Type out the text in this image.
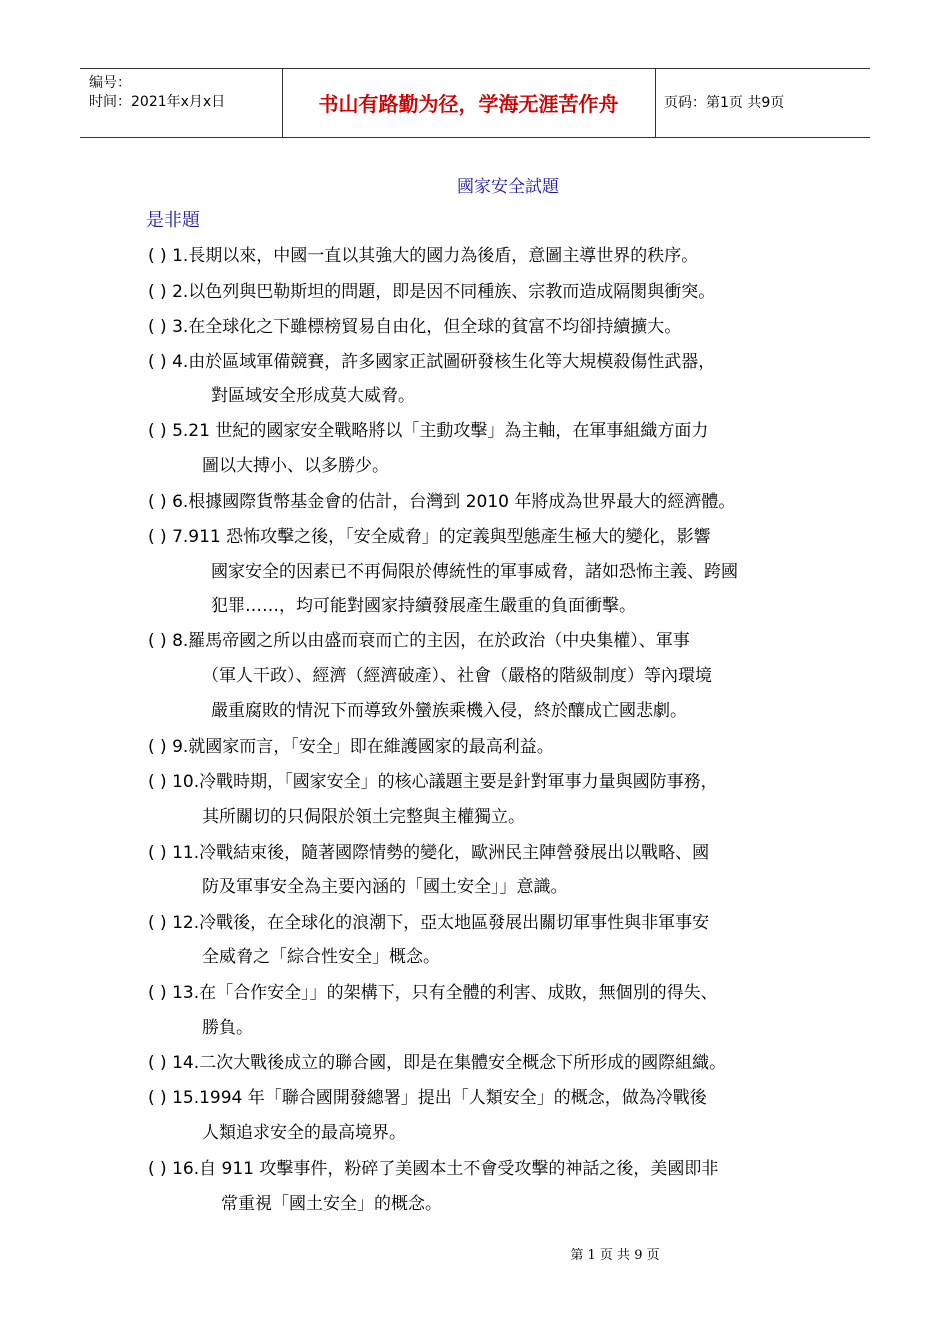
编号：
时间：2021年x月x日	书山有路勤为径，学海无涯苦作舟	页码：第1页 共9页
國家安全試題
是非題
( ) 1.長期以來，中國一直以其強大的國力為後盾，意圖主導世界的秩序。
( ) 2.以色列與巴勒斯坦的問題，即是因不同種族、宗教而造成隔閡與衝突。
( ) 3.在全球化之下雖標榜貿易自由化，但全球的貧富不均卻持續擴大。
( ) 4.由於區域軍備競賽，許多國家正試圖研發核生化等大規模殺傷性武器，
對區域安全形成莫大威脅。
( ) 5.21 世紀的國家安全戰略將以「主動攻擊」為主軸，在軍事組織方面力
圖以大搏小、以多勝少。
( ) 6.根據國際貨幣基金會的估計，台灣到 2010 年將成為世界最大的經濟體。
( ) 7.911 恐怖攻擊之後，「安全威脅」的定義與型態產生極大的變化，影響
國家安全的因素已不再侷限於傳統性的軍事威脅，諸如恐怖主義、跨國
犯罪……，均可能對國家持續發展產生嚴重的負面衝擊。
( ) 8.羅馬帝國之所以由盛而衰而亡的主因，在於政治（中央集權）、軍事
（軍人干政）、經濟（經濟破產）、社會（嚴格的階級制度）等內環境
嚴重腐敗的情況下而導致外蠻族乘機入侵，終於釀成亡國悲劇。
( ) 9.就國家而言，「安全」即在維護國家的最高利益。
( ) 10.冷戰時期，「國家安全」的核心議題主要是針對軍事力量與國防事務，
其所關切的只侷限於領土完整與主權獨立。
( ) 11.冷戰結束後，隨著國際情勢的變化，歐洲民主陣營發展出以戰略、國
防及軍事安全為主要內涵的「國土安全」」意識。
( ) 12.冷戰後，在全球化的浪潮下，亞太地區發展出關切軍事性與非軍事安
全威脅之「綜合性安全」概念。
( ) 13.在「合作安全」」的架構下，只有全體的利害、成敗，無個別的得失、
勝負。
( ) 14.二次大戰後成立的聯合國，即是在集體安全概念下所形成的國際組織。
( ) 15.1994 年「聯合國開發總署」提出「人類安全」的概念，做為冷戰後
人類追求安全的最高境界。
( ) 16.自 911 攻擊事件，粉碎了美國本土不會受攻擊的神話之後，美國即非
常重視「國土安全」的概念。
第 1 页 共 9 页
